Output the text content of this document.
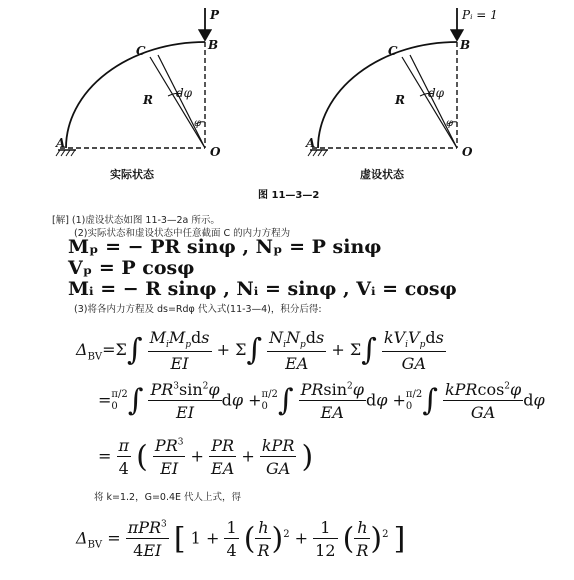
P
B
C
R dφ
φ
A
O
实际状态
Pᵢ = 1
B
C
R dφ
φ
A
O
虚设状态
图 11—3—2
[解] (1)虚设状态如图 11-3—2a 所示。
(2)实际状态和虚设状态中任意截面 C 的内力方程为
Mₚ = − PR sinφ , Nₚ = P sinφ
Vₚ = P cosφ
Mᵢ = − R sinφ , Nᵢ = sinφ , Vᵢ = cosφ
(3)将各内力方程及 ds=Rdφ 代入式(11-3—4)，积分后得:
$\Delta_{BV}=\Sigma\int \frac{M_iM_pds}{EI} + \Sigma\int \frac{N_iN_pds}{EA} + \Sigma\int \frac{kV_iV_pds}{GA}$
=π/2
0 ∫ $\frac{PR^3\sin^2\varphi}{EI}$ dφ +π/2
0 ∫ $\frac{PRsin^2\varphi}{EA}$ dφ +π/2
0 ∫ $\frac{kPRcos^2\varphi}{GA}$ dφ
= $\frac{\pi}{4}$ ( $\frac{PR^3}{EI} + \frac{PR}{EA} + \frac{\text{kPR}}{GA}$ )
将 k=1.2，G=0.4E 代人上式，得
$\Delta_{BV} = \frac{\pi PR^3}{4EI}$ [ $1 + \frac{1}{4}$ ( $\frac{h}{R} )^2 + \frac{1}{12}$ ( $\frac{h}{R} )^2$ ]
